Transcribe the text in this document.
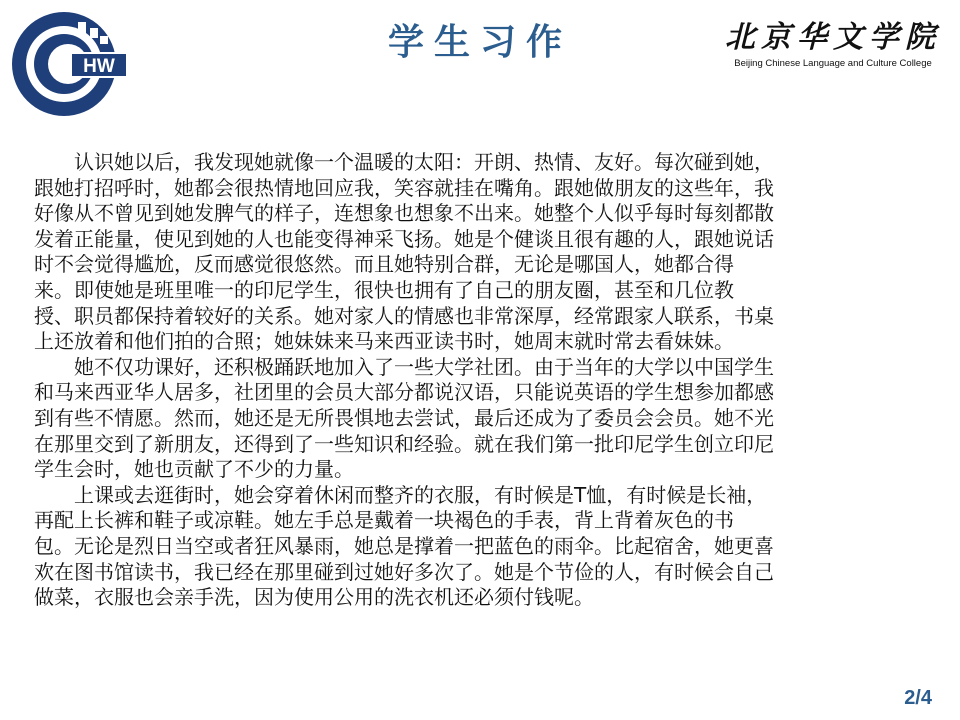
HW
学生习作	北京华文学院
Beijing Chinese Language and Culture College
　　认识她以后，我发现她就像一个温暖的太阳：开朗、热情、友好。每次碰到她，
跟她打招呼时，她都会很热情地回应我，笑容就挂在嘴角。跟她做朋友的这些年，我
好像从不曾见到她发脾气的样子，连想象也想象不出来。她整个人似乎每时每刻都散
发着正能量，使见到她的人也能变得神采飞扬。她是个健谈且很有趣的人，跟她说话
时不会觉得尴尬，反而感觉很悠然。而且她特别合群，无论是哪国人，她都合得
来。即使她是班里唯一的印尼学生，很快也拥有了自己的朋友圈，甚至和几位教
授、职员都保持着较好的关系。她对家人的情感也非常深厚，经常跟家人联系，书桌
上还放着和他们拍的合照；她妹妹来马来西亚读书时，她周末就时常去看妹妹。
　　她不仅功课好，还积极踊跃地加入了一些大学社团。由于当年的大学以中国学生
和马来西亚华人居多，社团里的会员大部分都说汉语，只能说英语的学生想参加都感
到有些不情愿。然而，她还是无所畏惧地去尝试，最后还成为了委员会会员。她不光
在那里交到了新朋友，还得到了一些知识和经验。就在我们第一批印尼学生创立印尼
学生会时，她也贡献了不少的力量。
　　上课或去逛街时，她会穿着休闲而整齐的衣服，有时候是T恤，有时候是长袖，
再配上长裤和鞋子或凉鞋。她左手总是戴着一块褐色的手表，背上背着灰色的书
包。无论是烈日当空或者狂风暴雨，她总是撑着一把蓝色的雨伞。比起宿舍，她更喜
欢在图书馆读书，我已经在那里碰到过她好多次了。她是个节俭的人，有时候会自己
做菜，衣服也会亲手洗，因为使用公用的洗衣机还必须付钱呢。
2/4
